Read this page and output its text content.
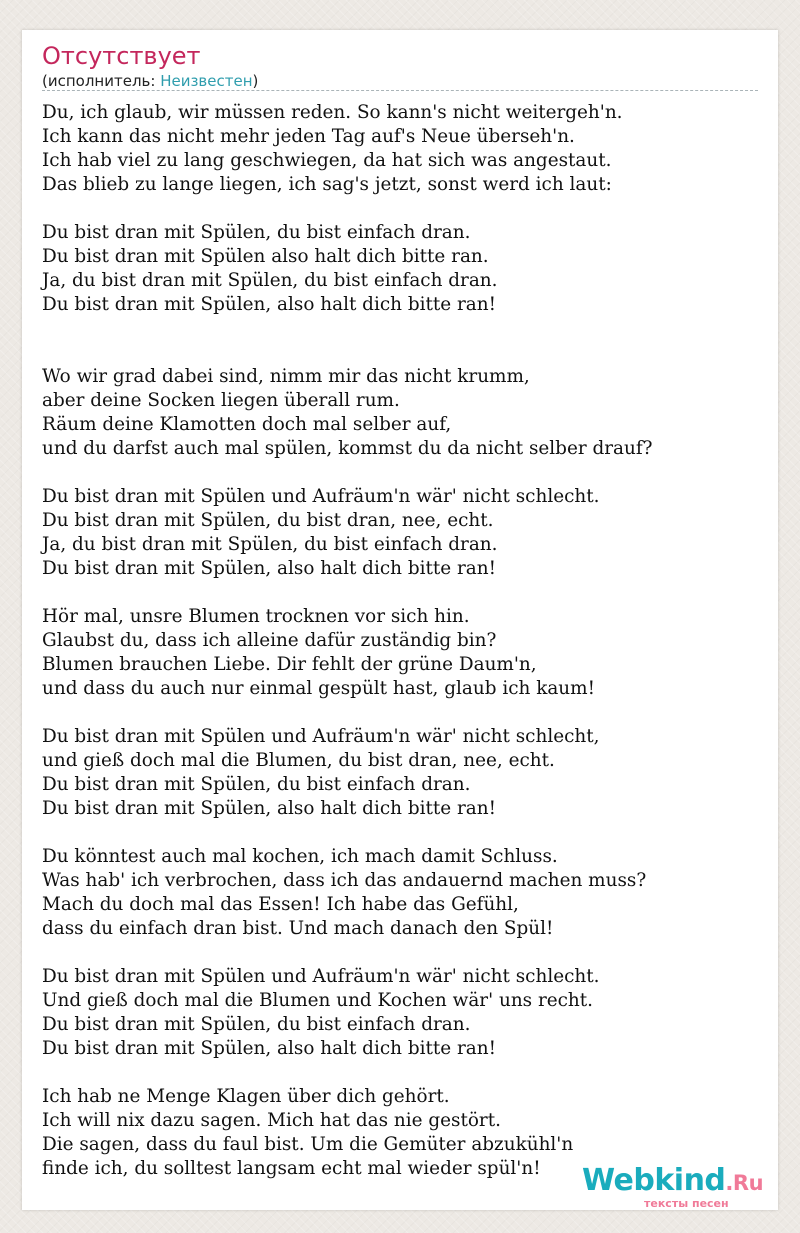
Отсутствует
(исполнитель: Неизвестен)
Du, ich glaub, wir müssen reden. So kann's nicht weitergeh'n.
Ich kann das nicht mehr jeden Tag auf's Neue überseh'n.
Ich hab viel zu lang geschwiegen, da hat sich was angestaut.
Das blieb zu lange liegen, ich sag's jetzt, sonst werd ich laut:
Du bist dran mit Spülen, du bist einfach dran.
Du bist dran mit Spülen also halt dich bitte ran.
Ja, du bist dran mit Spülen, du bist einfach dran.
Du bist dran mit Spülen, also halt dich bitte ran!
Wo wir grad dabei sind, nimm mir das nicht krumm,
aber deine Socken liegen überall rum.
Räum deine Klamotten doch mal selber auf,
und du darfst auch mal spülen, kommst du da nicht selber drauf?
Du bist dran mit Spülen und Aufräum'n wär' nicht schlecht.
Du bist dran mit Spülen, du bist dran, nee, echt.
Ja, du bist dran mit Spülen, du bist einfach dran.
Du bist dran mit Spülen, also halt dich bitte ran!
Hör mal, unsre Blumen trocknen vor sich hin.
Glaubst du, dass ich alleine dafür zuständig bin?
Blumen brauchen Liebe. Dir fehlt der grüne Daum'n,
und dass du auch nur einmal gespült hast, glaub ich kaum!
Du bist dran mit Spülen und Aufräum'n wär' nicht schlecht,
und gieß doch mal die Blumen, du bist dran, nee, echt.
Du bist dran mit Spülen, du bist einfach dran.
Du bist dran mit Spülen, also halt dich bitte ran!
Du könntest auch mal kochen, ich mach damit Schluss.
Was hab' ich verbrochen, dass ich das andauernd machen muss?
Mach du doch mal das Essen! Ich habe das Gefühl,
dass du einfach dran bist. Und mach danach den Spül!
Du bist dran mit Spülen und Aufräum'n wär' nicht schlecht.
Und gieß doch mal die Blumen und Kochen wär' uns recht.
Du bist dran mit Spülen, du bist einfach dran.
Du bist dran mit Spülen, also halt dich bitte ran!
Ich hab ne Menge Klagen über dich gehört.
Ich will nix dazu sagen. Mich hat das nie gestört.
Die sagen, dass du faul bist. Um die Gemüter abzukühl'n
finde ich, du solltest langsam echt mal wieder spül'n!	Webkind.Ru
тексты песен
